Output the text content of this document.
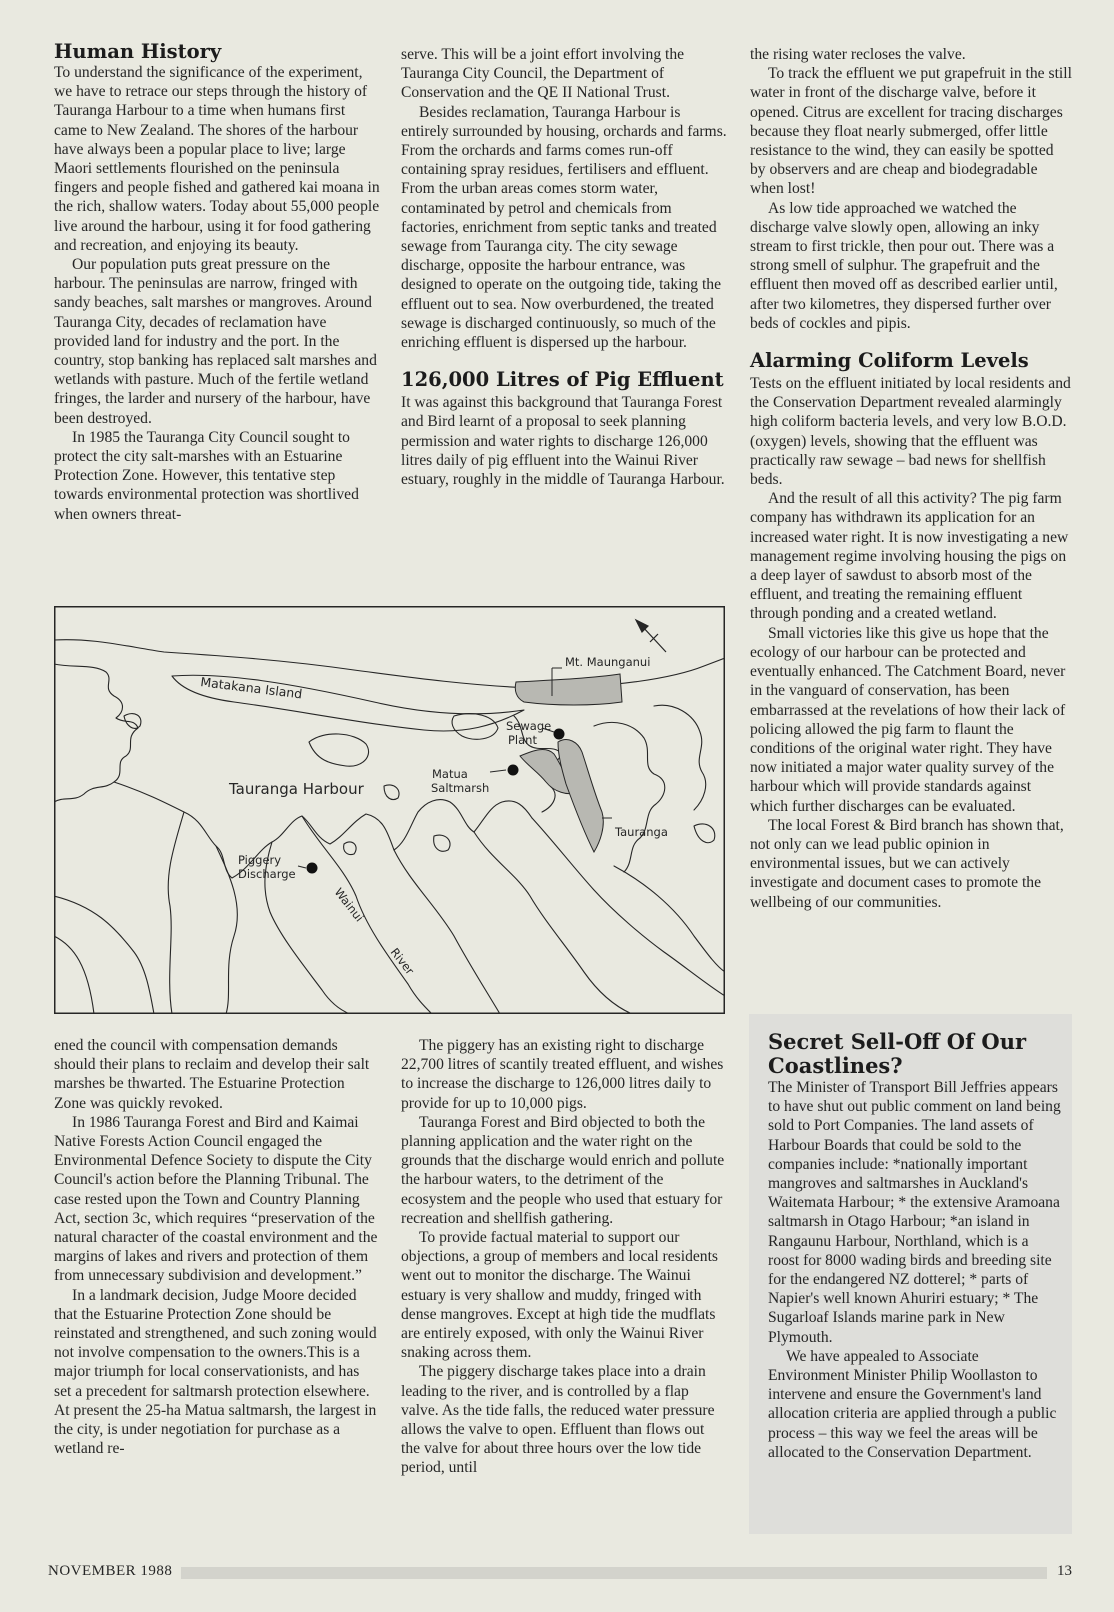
Human History

To understand the significance of the experiment, we have to retrace our steps through the history of Tauranga Harbour to a time when humans first came to New Zealand. The shores of the harbour have always been a popular place to live; large Maori settlements flourished on the peninsula fingers and people fished and gathered kai moana in the rich, shallow waters. Today about 55,000 people live around the harbour, using it for food gathering and recreation, and enjoying its beauty.

Our population puts great pressure on the harbour. The peninsulas are narrow, fringed with sandy beaches, salt marshes or mangroves. Around Tauranga City, decades of reclamation have provided land for industry and the port. In the country, stop banking has replaced salt marshes and wetlands with pasture. Much of the fertile wetland fringes, the larder and nursery of the harbour, have been destroyed.

In 1985 the Tauranga City Council sought to protect the city salt-marshes with an Estuarine Protection Zone. However, this tentative step towards environmental protection was shortlived when owners threat-

serve. This will be a joint effort involving the Tauranga City Council, the Department of Conservation and the QE II National Trust.

Besides reclamation, Tauranga Harbour is entirely surrounded by housing, orchards and farms. From the orchards and farms comes run-off containing spray residues, fertilisers and effluent. From the urban areas comes storm water, contaminated by petrol and chemicals from factories, enrichment from septic tanks and treated sewage from Tauranga city. The city sewage discharge, opposite the harbour entrance, was designed to operate on the outgoing tide, taking the effluent out to sea. Now overburdened, the treated sewage is discharged continuously, so much of the enriching effluent is dispersed up the harbour.

126,000 Litres of Pig Effluent

It was against this background that Tauranga Forest and Bird learnt of a proposal to seek planning permission and water rights to discharge 126,000 litres daily of pig effluent into the Wainui River estuary, roughly in the middle of Tauranga Harbour.

the rising water recloses the valve.

To track the effluent we put grapefruit in the still water in front of the discharge valve, before it opened. Citrus are excellent for tracing discharges because they float nearly submerged, offer little resistance to the wind, they can easily be spotted by observers and are cheap and biodegradable when lost!

As low tide approached we watched the discharge valve slowly open, allowing an inky stream to first trickle, then pour out. There was a strong smell of sulphur. The grapefruit and the effluent then moved off as described earlier until, after two kilometres, they dispersed further over beds of cockles and pipis.

Alarming Coliform Levels

Tests on the effluent initiated by local residents and the Conservation Department revealed alarmingly high coliform bacteria levels, and very low B.O.D. (oxygen) levels, showing that the effluent was practically raw sewage – bad news for shellfish beds.

And the result of all this activity? The pig farm company has withdrawn its application for an increased water right. It is now investigating a new management regime involving housing the pigs on a deep layer of sawdust to absorb most of the effluent, and treating the remaining effluent through ponding and a created wetland.

Small victories like this give us hope that the ecology of our harbour can be protected and eventually enhanced. The Catchment Board, never in the vanguard of conservation, has been embarrassed at the revelations of how their lack of policing allowed the pig farm to flaunt the conditions of the original water right. They have now initiated a major water quality survey of the harbour which will provide standards against which further discharges can be evaluated.

The local Forest & Bird branch has shown that, not only can we lead public opinion in environmental issues, but we can actively investigate and document cases to promote the wellbeing of our communities.

Matakana Island
Tauranga Harbour
Mt. Maunganui
Sewage
Plant
Matua
Saltmarsh
Tauranga
Piggery
Discharge
Wainui
River

ened the council with compensation demands should their plans to reclaim and develop their salt marshes be thwarted. The Estuarine Protection Zone was quickly revoked.

In 1986 Tauranga Forest and Bird and Kaimai Native Forests Action Council engaged the Environmental Defence Society to dispute the City Council's action before the Planning Tribunal. The case rested upon the Town and Country Planning Act, section 3c, which requires “preservation of the natural character of the coastal environment and the margins of lakes and rivers and protection of them from unnecessary subdivision and development.”

In a landmark decision, Judge Moore decided that the Estuarine Protection Zone should be reinstated and strengthened, and such zoning would not involve compensation to the owners.This is a major triumph for local conservationists, and has set a precedent for saltmarsh protection elsewhere. At present the 25-ha Matua saltmarsh, the largest in the city, is under negotiation for purchase as a wetland re-

The piggery has an existing right to discharge 22,700 litres of scantily treated effluent, and wishes to increase the discharge to 126,000 litres daily to provide for up to 10,000 pigs.

Tauranga Forest and Bird objected to both the planning application and the water right on the grounds that the discharge would enrich and pollute the harbour waters, to the detriment of the ecosystem and the people who used that estuary for recreation and shellfish gathering.

To provide factual material to support our objections, a group of members and local residents went out to monitor the discharge. The Wainui estuary is very shallow and muddy, fringed with dense mangroves. Except at high tide the mudflats are entirely exposed, with only the Wainui River snaking across them.

The piggery discharge takes place into a drain leading to the river, and is controlled by a flap valve. As the tide falls, the reduced water pressure allows the valve to open. Effluent than flows out the valve for about three hours over the low tide period, until

Secret Sell-Off Of Our Coastlines?

The Minister of Transport Bill Jeffries appears to have shut out public comment on land being sold to Port Companies. The land assets of Harbour Boards that could be sold to the companies include: *nationally important mangroves and saltmarshes in Auckland's Waitemata Harbour; * the extensive Aramoana saltmarsh in Otago Harbour; *an island in Rangaunu Harbour, Northland, which is a roost for 8000 wading birds and breeding site for the endangered NZ dotterel; * parts of Napier's well known Ahuriri estuary; * The Sugarloaf Islands marine park in New Plymouth.

We have appealed to Associate Environment Minister Philip Woollaston to intervene and ensure the Government's land allocation criteria are applied through a public process – this way we feel the areas will be allocated to the Conservation Department.

NOVEMBER 1988	13
